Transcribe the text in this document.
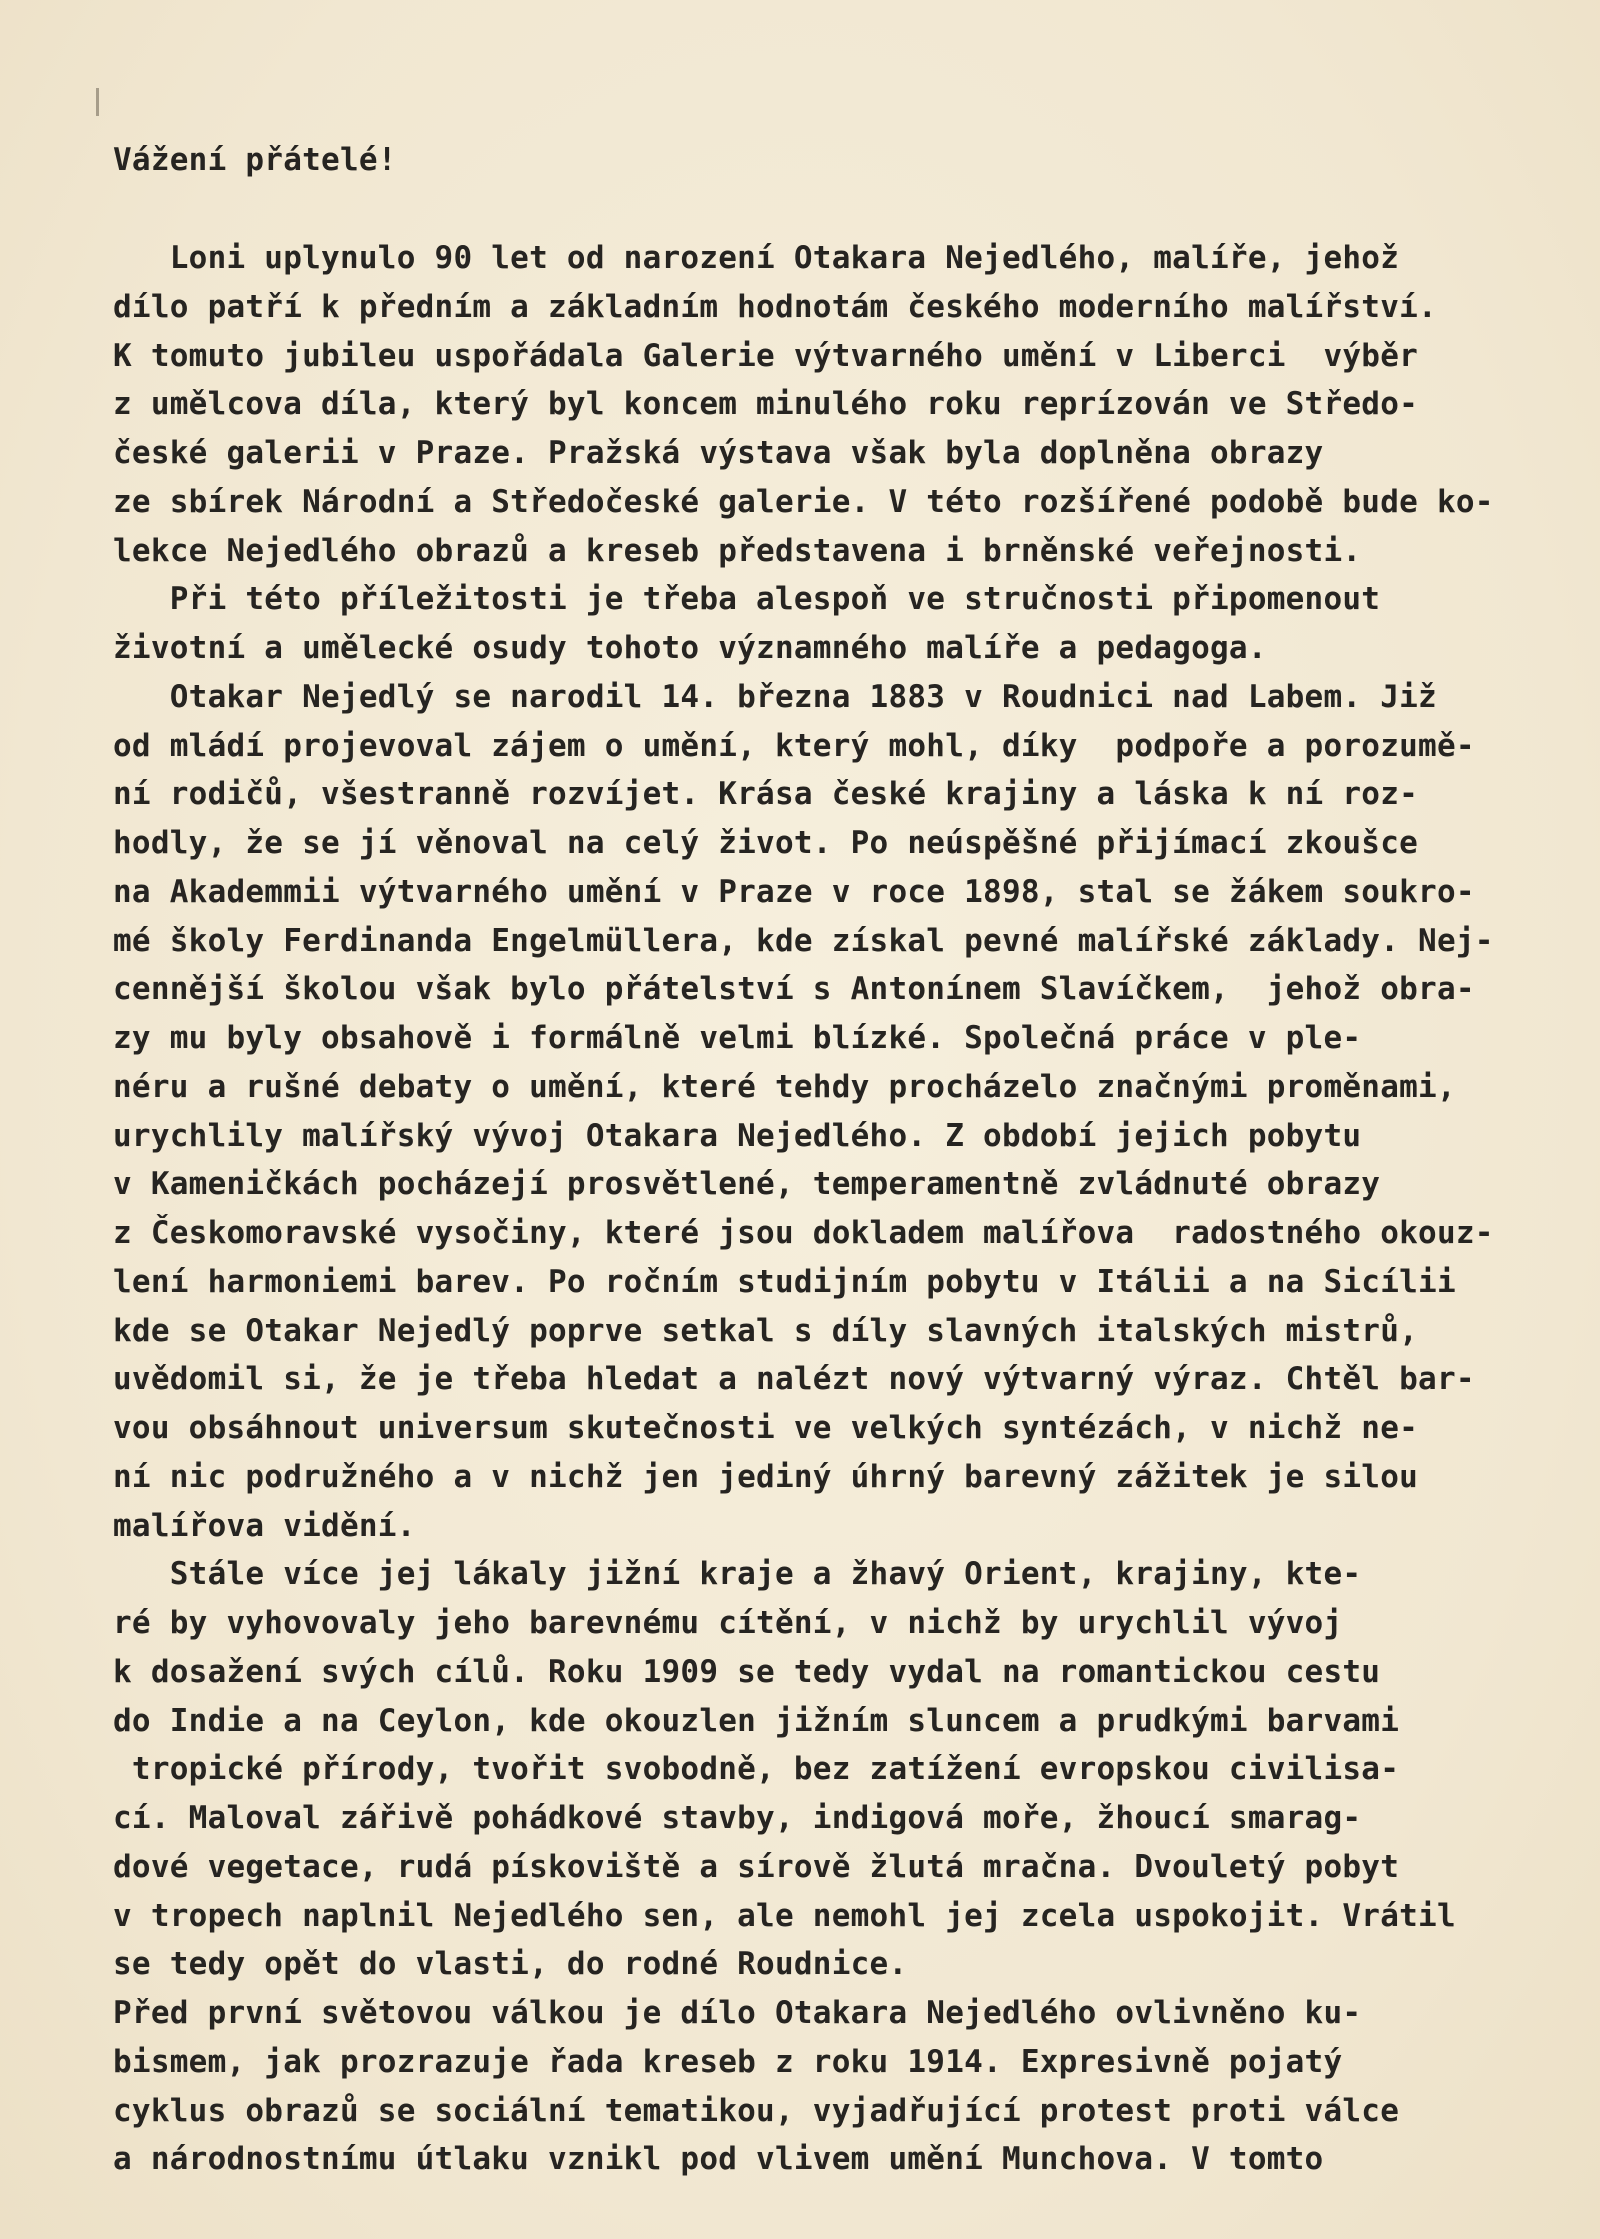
Vážení přátelé!
Loni uplynulo 90 let od narození Otakara Nejedlého, malíře, jehož
dílo patří k předním a základním hodnotám českého moderního malířství.
K tomuto jubileu uspořádala Galerie výtvarného umění v Liberci  výběr
z umělcova díla, který byl koncem minulého roku reprízován ve Středo-
české galerii v Praze. Pražská výstava však byla doplněna obrazy
ze sbírek Národní a Středočeské galerie. V této rozšířené podobě bude ko-
lekce Nejedlého obrazů a kreseb představena i brněnské veřejnosti.
Při této příležitosti je třeba alespoň ve stručnosti připomenout
životní a umělecké osudy tohoto významného malíře a pedagoga.
Otakar Nejedlý se narodil 14. března 1883 v Roudnici nad Labem. Již
od mládí projevoval zájem o umění, který mohl, díky  podpoře a porozumě-
ní rodičů, všestranně rozvíjet. Krása české krajiny a láska k ní roz-
hodly, že se jí věnoval na celý život. Po neúspěšné přijímací zkoušce
na Akademmii výtvarného umění v Praze v roce 1898, stal se žákem soukro-
mé školy Ferdinanda Engelmüllera, kde získal pevné malířské základy. Nej-
cennější školou však bylo přátelství s Antonínem Slavíčkem,  jehož obra-
zy mu byly obsahově i formálně velmi blízké. Společná práce v ple-
néru a rušné debaty o umění, které tehdy procházelo značnými proměnami,
urychlily malířský vývoj Otakara Nejedlého. Z období jejich pobytu
v Kameničkách pocházejí prosvětlené, temperamentně zvládnuté obrazy
z Českomoravské vysočiny, které jsou dokladem malířova  radostného okouz-
lení harmoniemi barev. Po ročním studijním pobytu v Itálii a na Sicílii
kde se Otakar Nejedlý poprve setkal s díly slavných italských mistrů,
uvědomil si, že je třeba hledat a nalézt nový výtvarný výraz. Chtěl bar-
vou obsáhnout universum skutečnosti ve velkých syntézách, v nichž ne-
ní nic podružného a v nichž jen jediný úhrný barevný zážitek je silou
malířova vidění.
Stále více jej lákaly jižní kraje a žhavý Orient, krajiny, kte-
ré by vyhovovaly jeho barevnému cítění, v nichž by urychlil vývoj
k dosažení svých cílů. Roku 1909 se tedy vydal na romantickou cestu
do Indie a na Ceylon, kde okouzlen jižním sluncem a prudkými barvami
tropické přírody, tvořit svobodně, bez zatížení evropskou civilisa-
cí. Maloval zářivě pohádkové stavby, indigová moře, žhoucí smarag-
dové vegetace, rudá pískoviště a sírově žlutá mračna. Dvouletý pobyt
v tropech naplnil Nejedlého sen, ale nemohl jej zcela uspokojit. Vrátil
se tedy opět do vlasti, do rodné Roudnice.
Před první světovou válkou je dílo Otakara Nejedlého ovlivněno ku-
bismem, jak prozrazuje řada kreseb z roku 1914. Expresivně pojatý
cyklus obrazů se sociální tematikou, vyjadřující protest proti válce
a národnostnímu útlaku vznikl pod vlivem umění Munchova. V tomto
